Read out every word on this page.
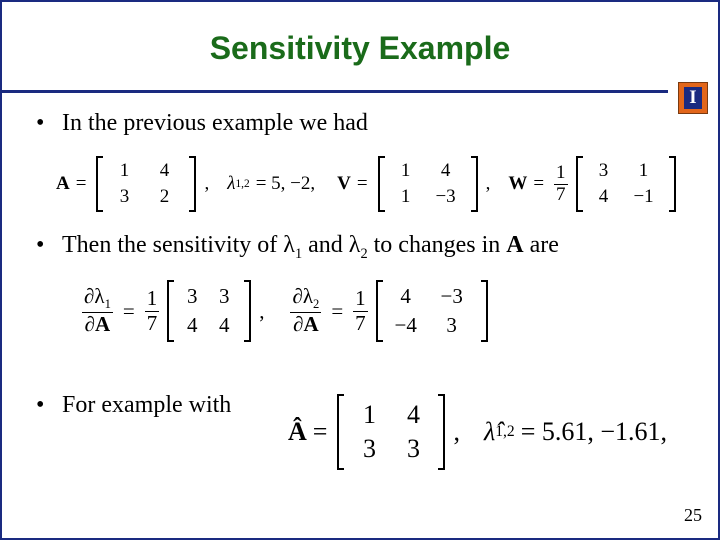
Sensitivity Example
I
• In the previous example we had
A =
1	4
3	2
, λ 1,2 = 5, −2, V =
1	4
1	−3
, $W = \frac{1}{7}$	3	1
4	−1
• Then the sensitivity of $\lambda_1$ and $\lambda_2$ to changes in A are
$\frac{\partial\lambda_1}{\partial A} = \frac{1}{7}$	3	3
4	4
, $\frac{\partial\lambda_2}{\partial A} = \frac{1}{7}$	4	−3
−4	3
• For example with
Â =
1	4
3	3
, λ̂ 1,2 = 5.61, −1.61,
25
